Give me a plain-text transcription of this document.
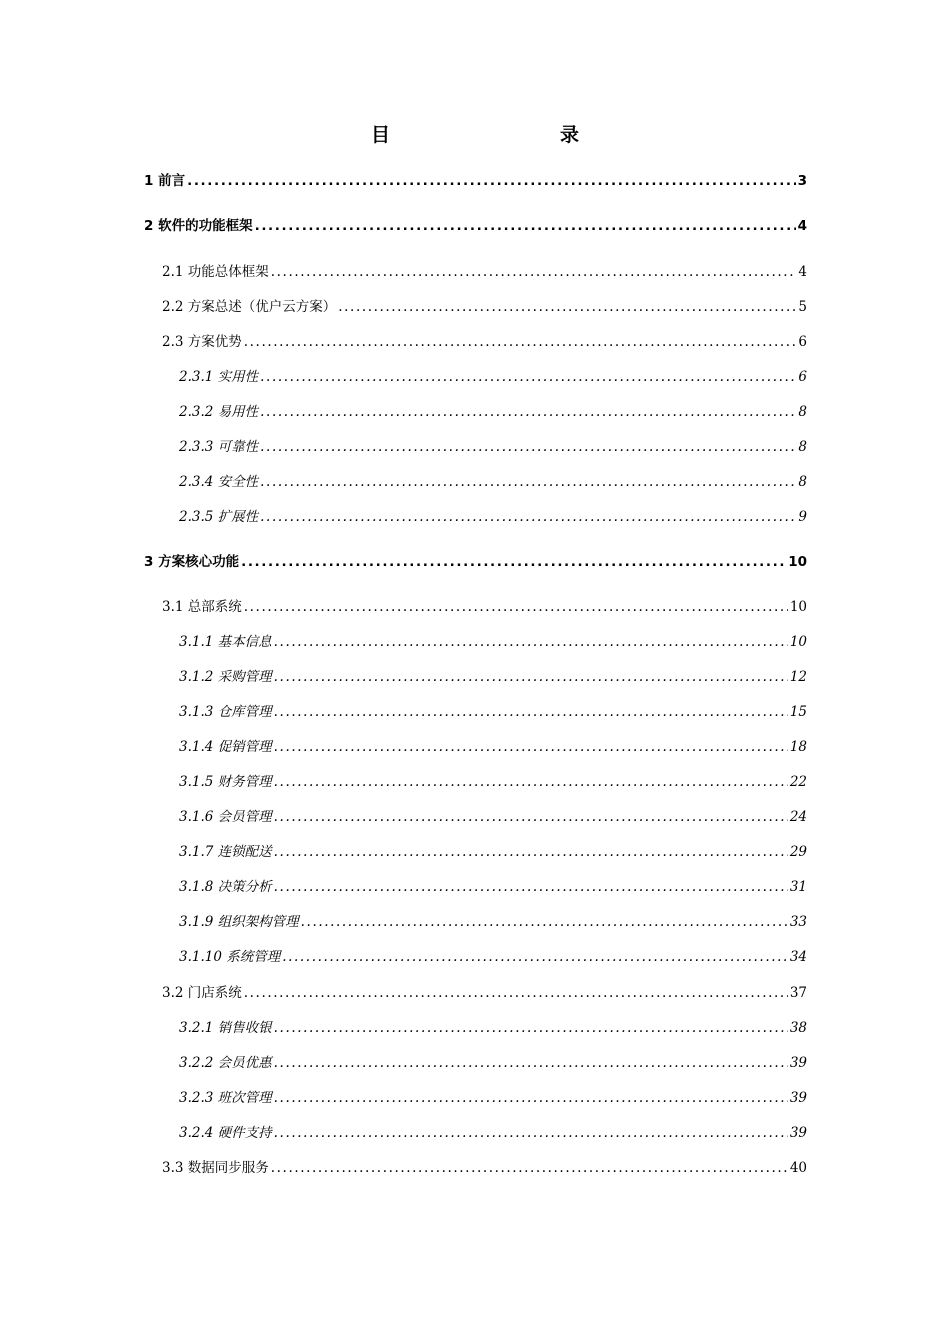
目　　录
1 前言 .....	3
2 软件的功能框架 .....	4
2.1 功能总体框架 .....	4
2.2 方案总述（优户云方案） .....	5
2.3 方案优势 .....	6
2.3.1 实用性 .....	6
2.3.2 易用性 .....	8
2.3.3 可靠性 .....	8
2.3.4 安全性 .....	8
2.3.5 扩展性 .....	9
3 方案核心功能 .....	10
3.1 总部系统 .....	10
3.1.1 基本信息 .....	10
3.1.2 采购管理 .....	12
3.1.3 仓库管理 .....	15
3.1.4 促销管理 .....	18
3.1.5 财务管理 .....	22
3.1.6 会员管理 .....	24
3.1.7 连锁配送 .....	29
3.1.8 决策分析 .....	31
3.1.9 组织架构管理 .....	33
3.1.10 系统管理 .....	34
3.2 门店系统 .....	37
3.2.1 销售收银 .....	38
3.2.2 会员优惠 .....	39
3.2.3 班次管理 .....	39
3.2.4 硬件支持 .....	39
3.3 数据同步服务 .....	40
